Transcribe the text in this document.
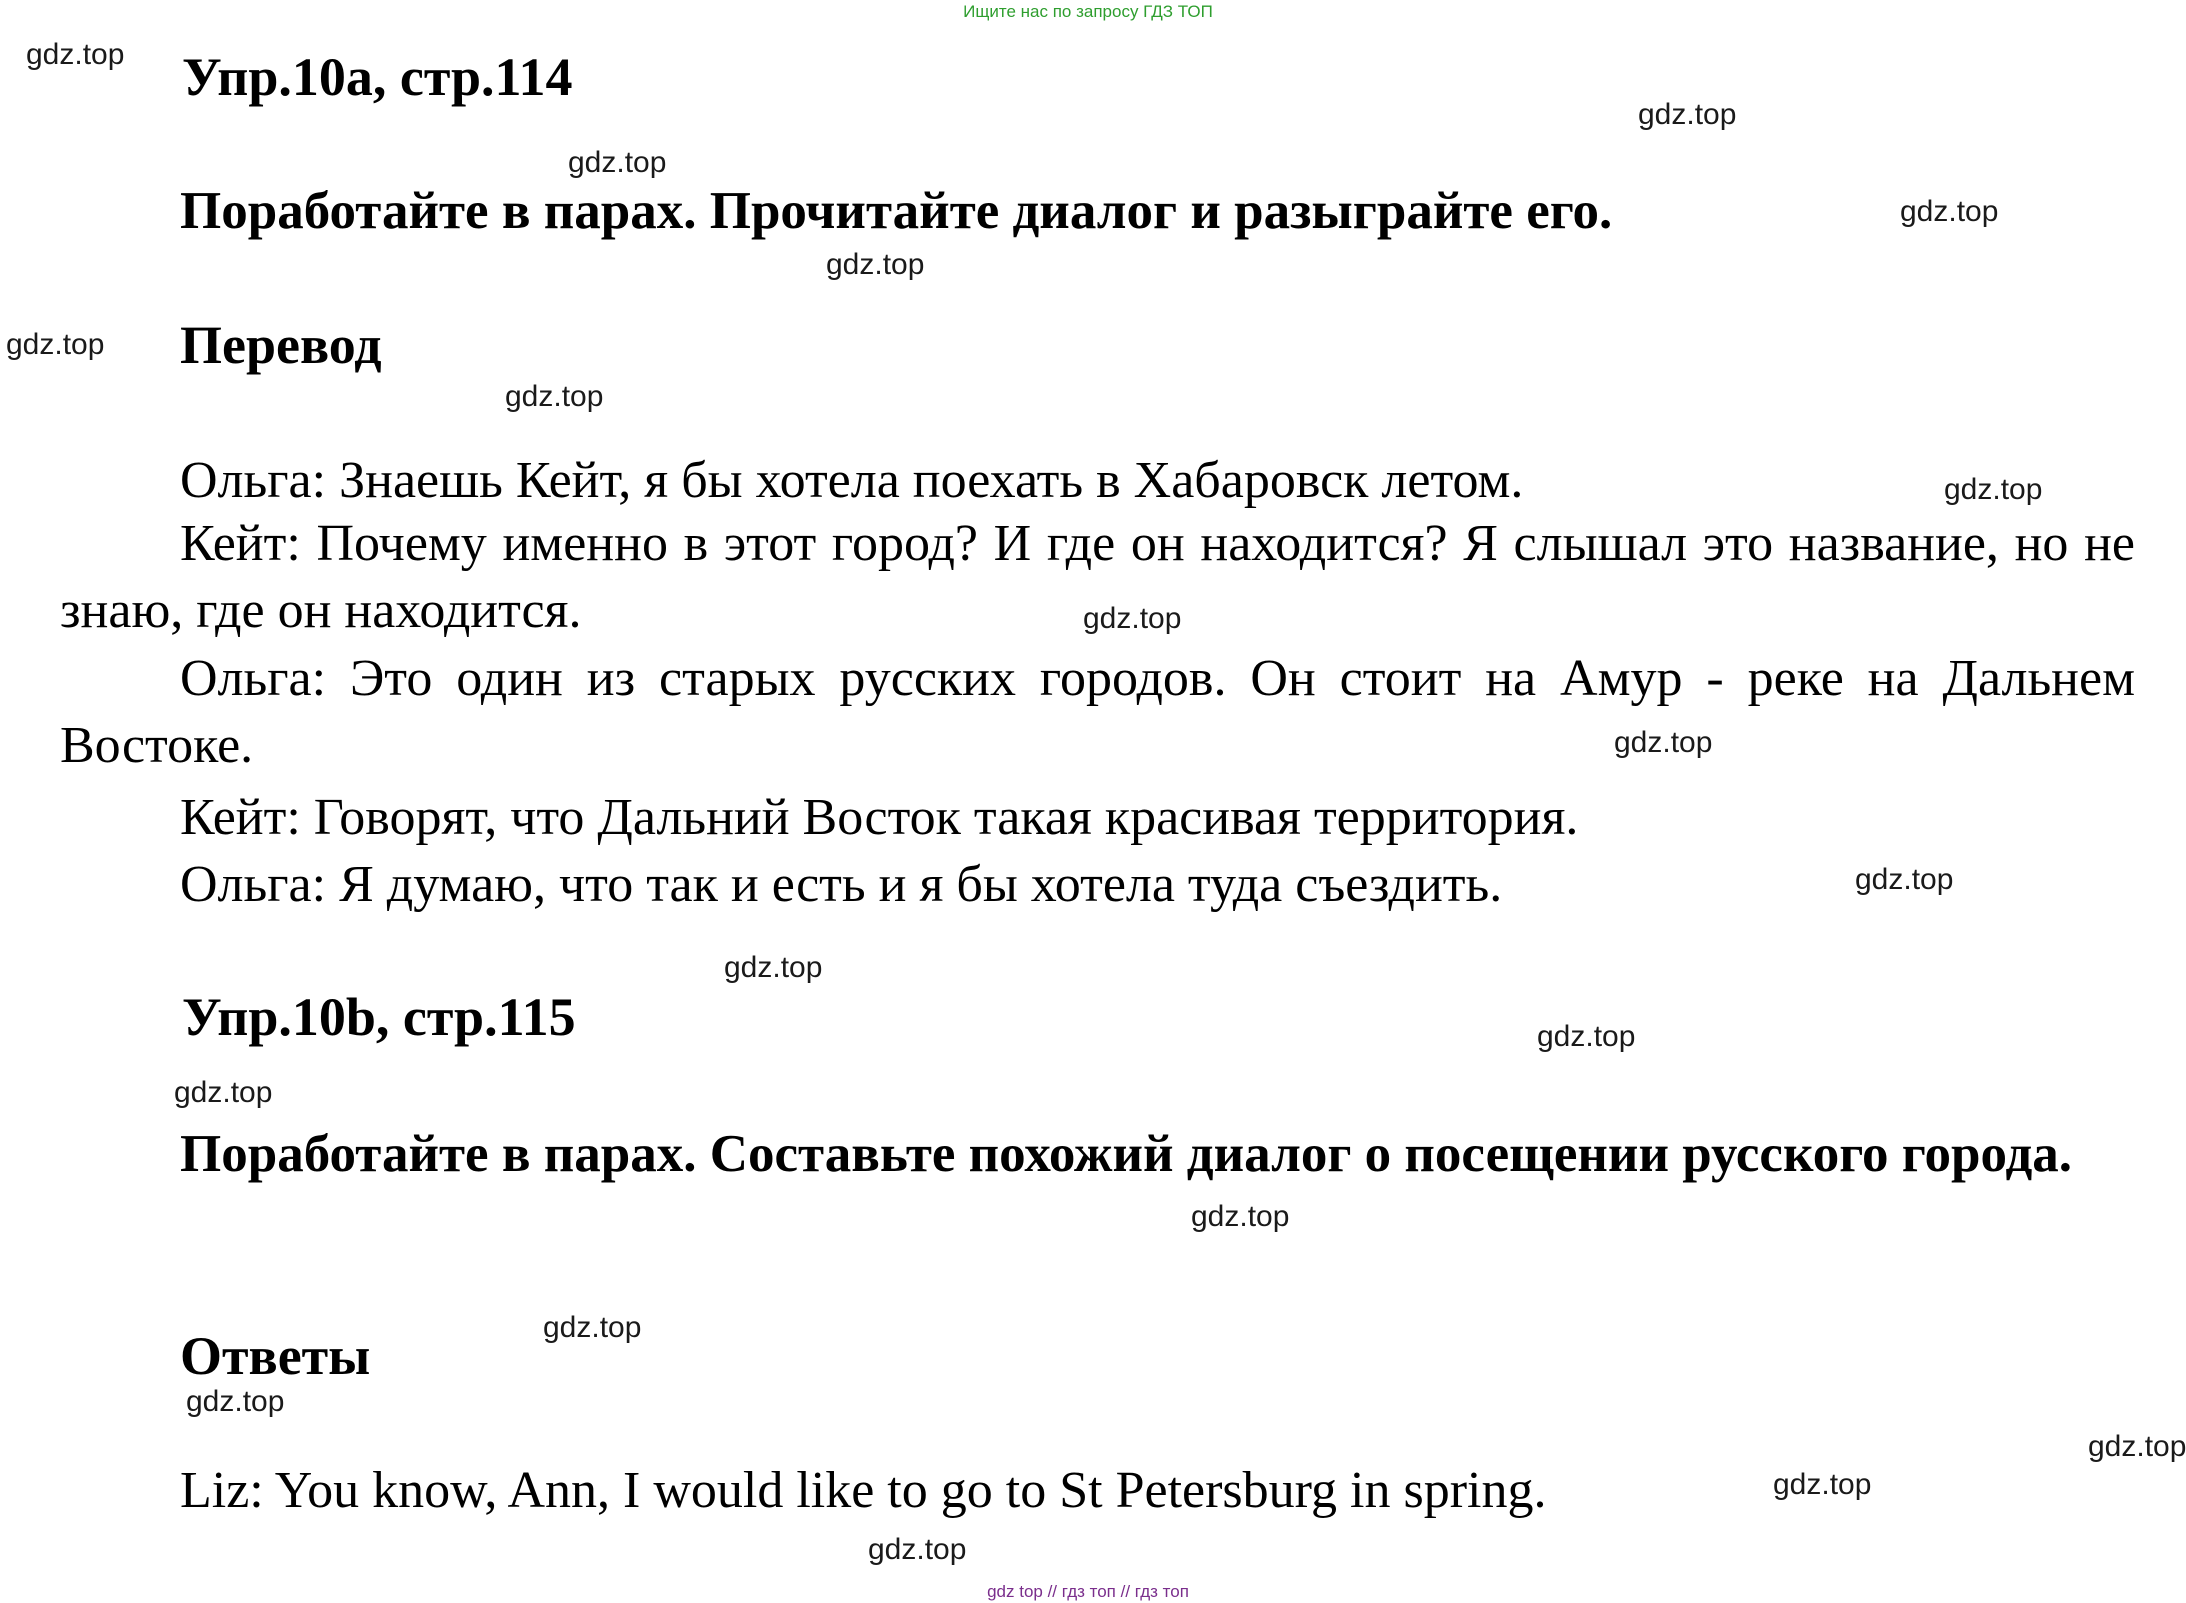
Ищите нас по запросу ГДЗ ТОП
Упр.10a, стр.114
Поработайте в парах. Прочитайте диалог и разыграйте его.
Перевод
Ольга: Знаешь Кейт, я бы хотела поехать в Хабаровск летом.
Кейт: Почему именно в этот город? И где он находится? Я слышал это название, но не знаю, где он находится.
Ольга: Это один из старых русских городов. Он стоит на Амур - реке на Дальнем Востоке.
Кейт: Говорят, что Дальний Восток такая красивая территория.
Ольга: Я думаю, что так и есть и я бы хотела туда съездить.
Упр.10b, стр.115
Поработайте в парах. Составьте похожий диалог о посещении русского города.
Ответы
Liz: You know, Ann, I would like to go to St Petersburg in spring.
gdz.top
gdz.top
gdz.top
gdz.top
gdz.top
gdz.top
gdz.top
gdz.top
gdz.top
gdz.top
gdz.top
gdz.top
gdz.top
gdz.top
gdz.top
gdz.top
gdz.top
gdz.top
gdz.top
gdz.top
gdz top // гдз топ // гдз топ
